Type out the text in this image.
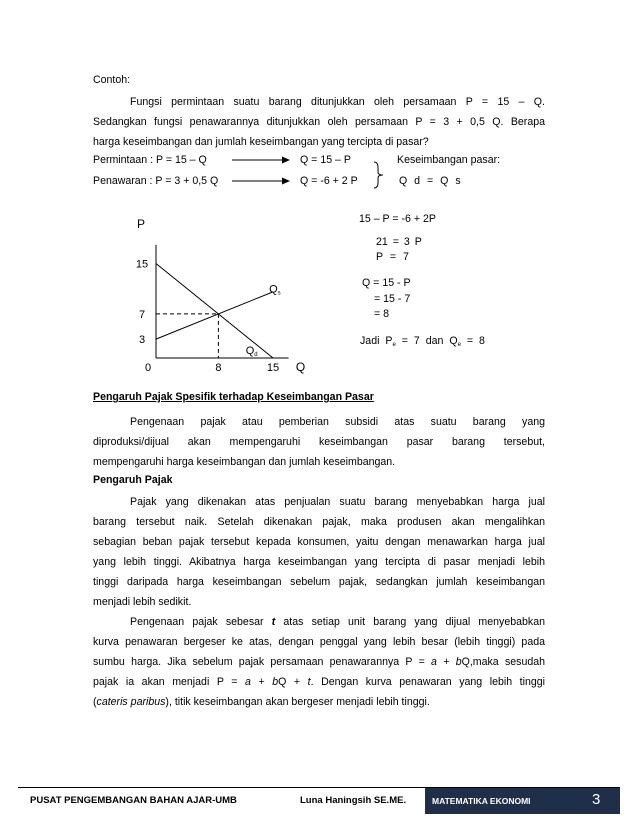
Contoh:
Fungsi permintaan suatu barang ditunjukkan oleh persamaan P = 15 – Q.
Sedangkan fungsi penawarannya ditunjukkan oleh persamaan P = 3 + 0,5 Q. Berapa
harga keseimbangan dan jumlah keseimbangan yang tercipta di pasar?
Permintaan : P = 15 – Q
Penawaran : P = 3 + 0,5 Q
Q = 15 – P
Q = -6 + 2 P
Keseimbangan pasar:
Q d = Q s
P
Q
15
7
3
0	8	15
Qs
Qd
15 – P = -6 + 2P
21 = 3 P
P = 7
Q = 15 - P
= 15 - 7
= 8
Jadi $P_e = 7$ dan $Q_e = 8$
Pengaruh Pajak Spesifik terhadap Keseimbangan Pasar
Pengenaan pajak atau pemberian subsidi atas suatu barang yang
diproduksi/dijual akan mempengaruhi keseimbangan pasar barang tersebut,
mempengaruhi harga keseimbangan dan jumlah keseimbangan.
Pengaruh Pajak
Pajak yang dikenakan atas penjualan suatu barang menyebabkan harga jual
barang tersebut naik. Setelah dikenakan pajak, maka produsen akan mengalihkan
sebagian beban pajak tersebut kepada konsumen, yaitu dengan menawarkan harga jual
yang lebih tinggi. Akibatnya harga keseimbangan yang tercipta di pasar menjadi lebih
tinggi daripada harga keseimbangan sebelum pajak, sedangkan jumlah keseimbangan
menjadi lebih sedikit.
Pengenaan pajak sebesar t atas setiap unit barang yang dijual menyebabkan
kurva penawaran bergeser ke atas, dengan penggal yang lebih besar (lebih tinggi) pada
sumbu harga. Jika sebelum pajak persamaan penawarannya P = a + bQ,maka sesudah
pajak ia akan menjadi P = a + bQ + t. Dengan kurva penawaran yang lebih tinggi
(cateris paribus), titik keseimbangan akan bergeser menjadi lebih tinggi.
PUSAT PENGEMBANGAN BAHAN AJAR-UMB	Luna Haningsih SE.ME.	MATEMATIKA EKONOMI	3
